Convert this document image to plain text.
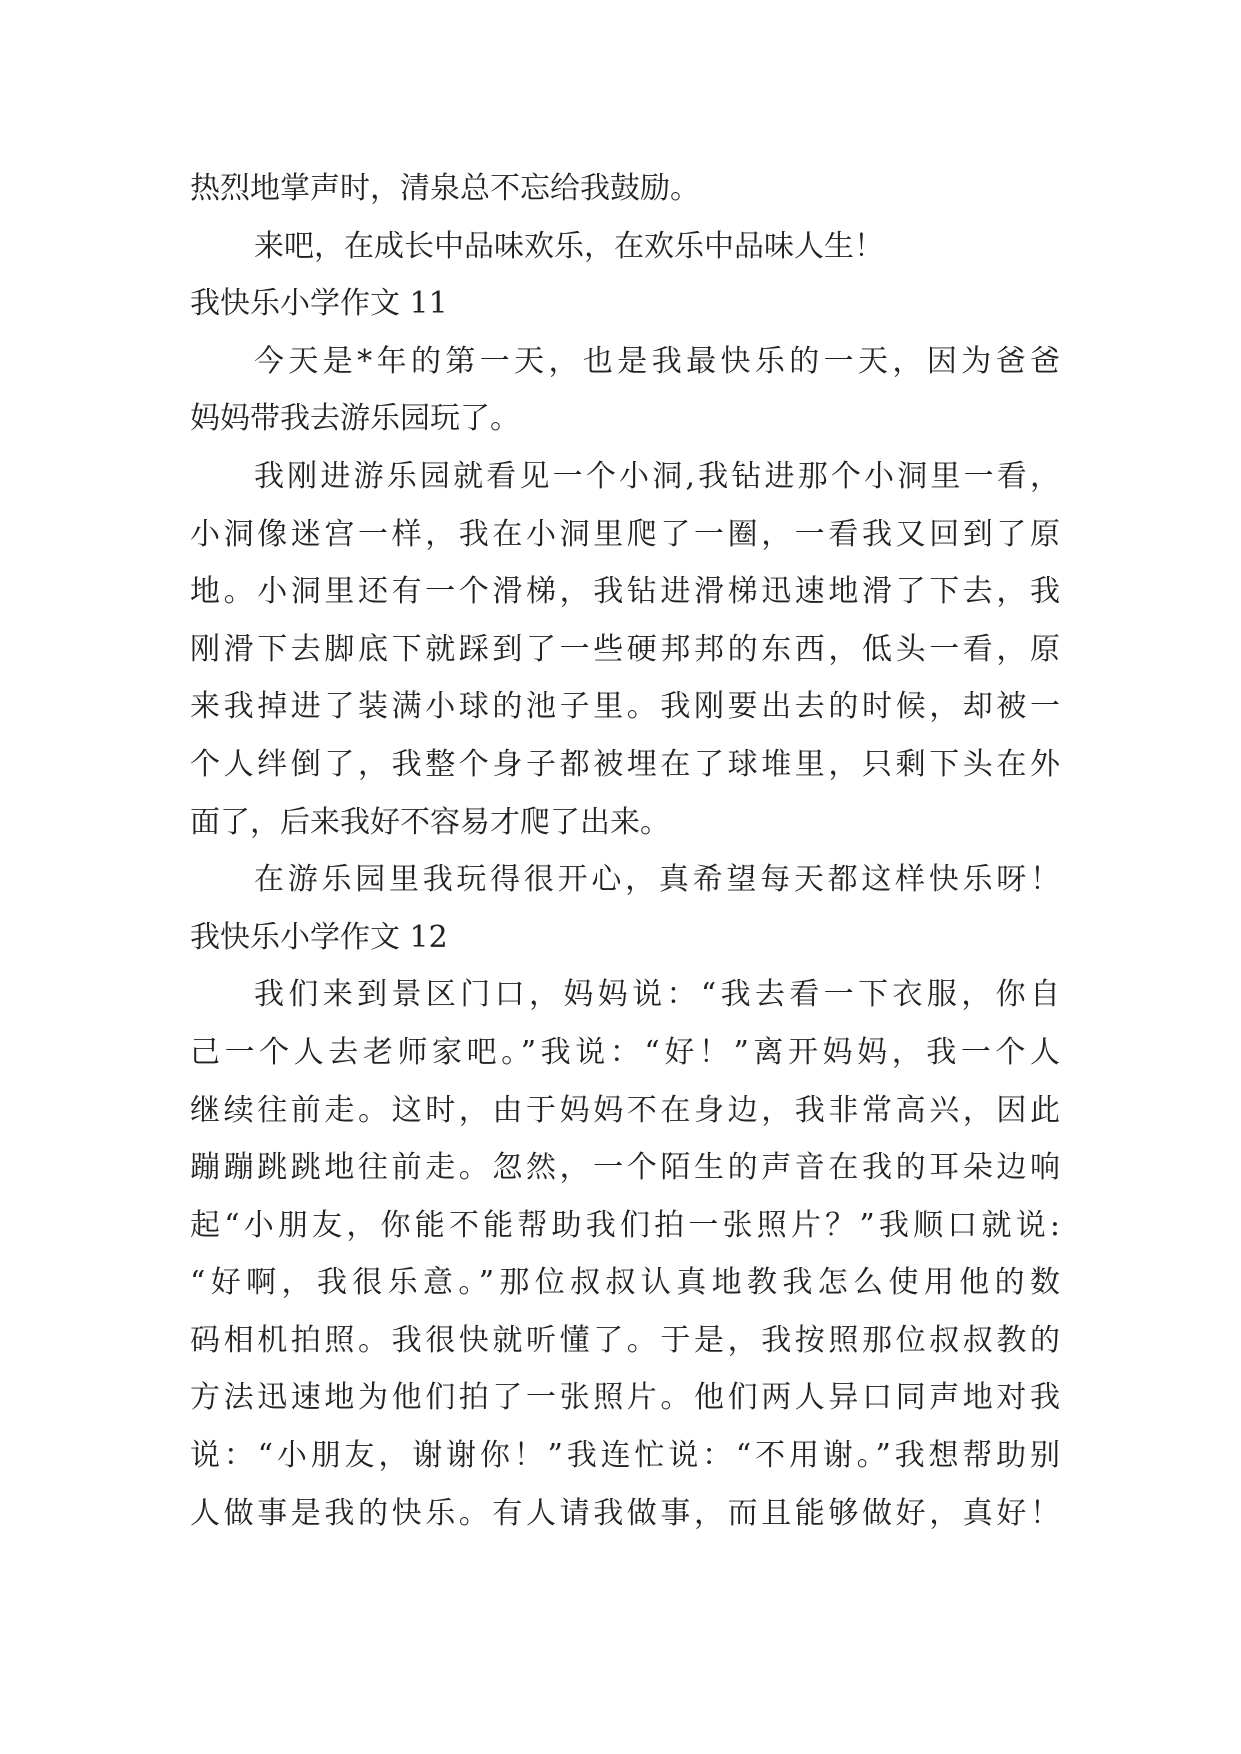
热烈地掌声时，清泉总不忘给我鼓励。
来吧，在成长中品味欢乐，在欢乐中品味人生！
我快乐小学作文 11
今天是*年的第一天，也是我最快乐的一天，因为爸爸
妈妈带我去游乐园玩了。
我刚进游乐园就看见一个小洞,我钻进那个小洞里一看，
小洞像迷宫一样，我在小洞里爬了一圈，一看我又回到了原
地。小洞里还有一个滑梯，我钻进滑梯迅速地滑了下去，我
刚滑下去脚底下就踩到了一些硬邦邦的东西，低头一看，原
来我掉进了装满小球的池子里。我刚要出去的时候，却被一
个人绊倒了，我整个身子都被埋在了球堆里，只剩下头在外
面了，后来我好不容易才爬了出来。
在游乐园里我玩得很开心，真希望每天都这样快乐呀！
我快乐小学作文 12
我们来到景区门口，妈妈说：“我去看一下衣服，你自
己一个人去老师家吧。”我说：“好！”离开妈妈，我一个人
继续往前走。这时，由于妈妈不在身边，我非常高兴，因此
蹦蹦跳跳地往前走。忽然，一个陌生的声音在我的耳朵边响
起“小朋友，你能不能帮助我们拍一张照片？”我顺口就说:
“好啊，我很乐意。”那位叔叔认真地教我怎么使用他的数
码相机拍照。我很快就听懂了。于是，我按照那位叔叔教的
方法迅速地为他们拍了一张照片。他们两人异口同声地对我
说：“小朋友，谢谢你！”我连忙说：“不用谢。”我想帮助别
人做事是我的快乐。有人请我做事，而且能够做好，真好！
